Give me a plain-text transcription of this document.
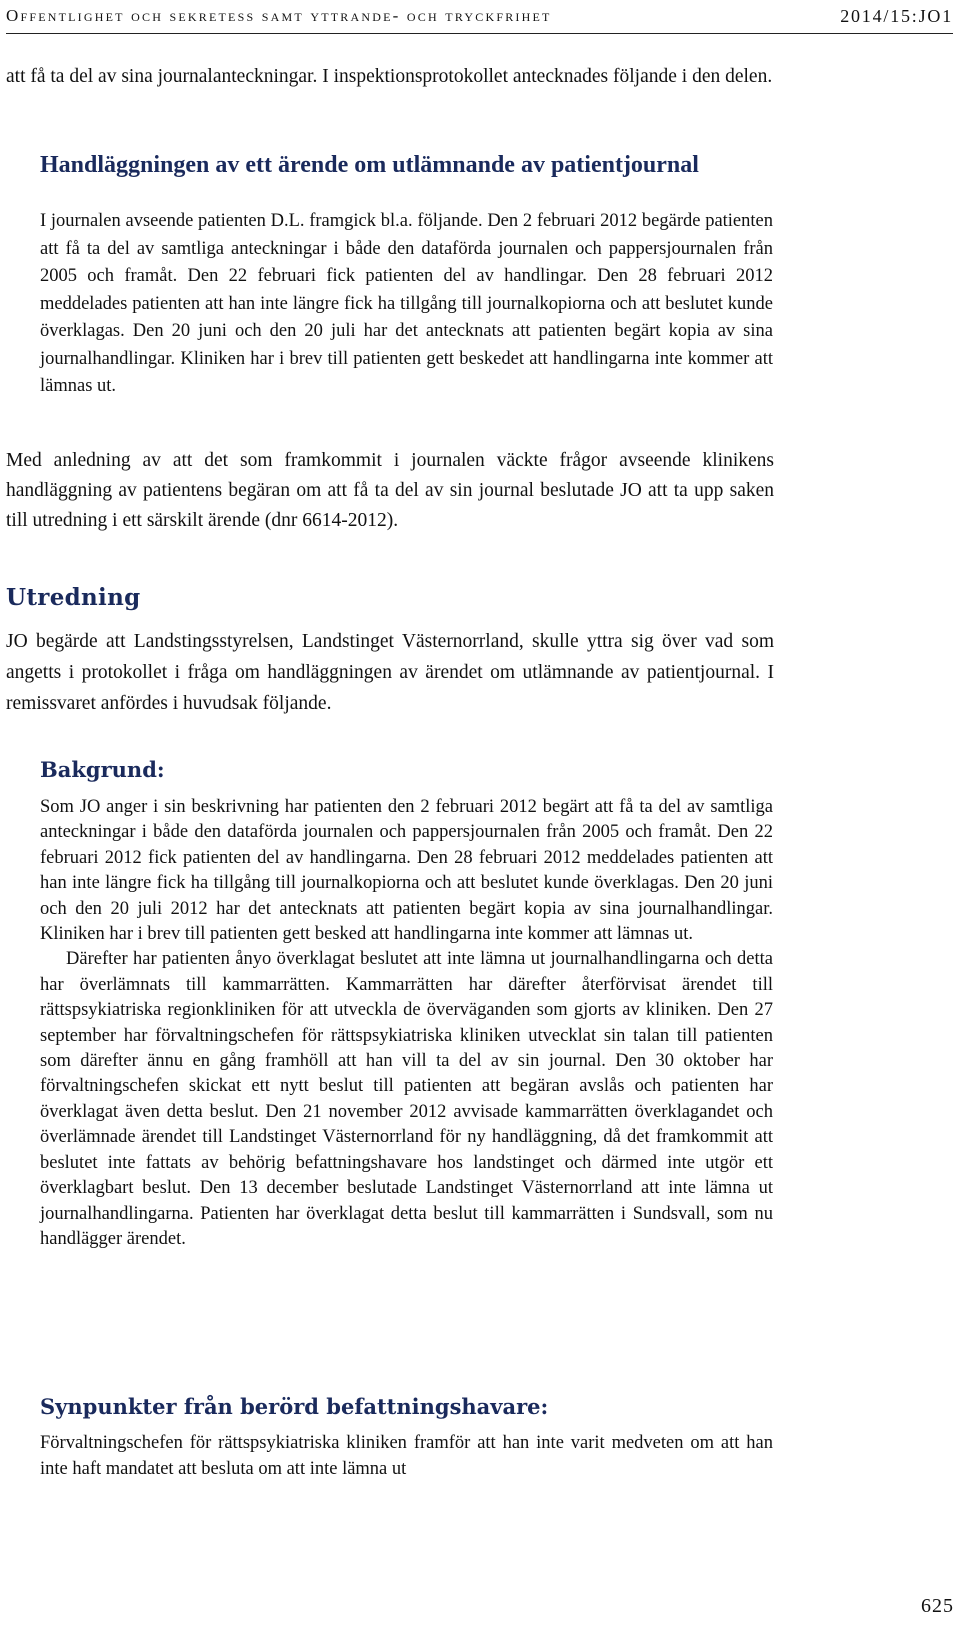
Offentlighet och sekretess samt yttrande- och tryckfrihet	2014/15:JO1

att få ta del av sina journalanteckningar. I inspektionsprotokollet antecknades följande i den delen.

Handläggningen av ett ärende om utlämnande av patientjournal

I journalen avseende patienten D.L. framgick bl.a. följande. Den 2 februari 2012 begärde patienten att få ta del av samtliga anteckningar i både den dataförda journalen och pappersjournalen från 2005 och framåt. Den 22 februari fick patienten del av handlingar. Den 28 februari 2012 meddelades patienten att han inte längre fick ha tillgång till journalkopiorna och att beslutet kunde överklagas. Den 20 juni och den 20 juli har det antecknats att patienten begärt kopia av sina journalhandlingar. Kliniken har i brev till patienten gett beskedet att handlingarna inte kommer att lämnas ut.

Med anledning av att det som framkommit i journalen väckte frågor avseende klinikens handläggning av patientens begäran om att få ta del av sin journal beslutade JO att ta upp saken till utredning i ett särskilt ärende (dnr 6614-2012).

Utredning

JO begärde att Landstingsstyrelsen, Landstinget Västernorrland, skulle yttra sig över vad som angetts i protokollet i fråga om handläggningen av ärendet om utlämnande av patientjournal. I remissvaret anfördes i huvudsak följande.

Bakgrund:
Som JO anger i sin beskrivning har patienten den 2 februari 2012 begärt att få ta del av samtliga anteckningar i både den dataförda journalen och pappersjournalen från 2005 och framåt. Den 22 februari 2012 fick patienten del av handlingarna. Den 28 februari 2012 meddelades patienten att han inte längre fick ha tillgång till journalkopiorna och att beslutet kunde överklagas. Den 20 juni och den 20 juli 2012 har det antecknats att patienten begärt kopia av sina journalhandlingar. Kliniken har i brev till patienten gett besked att handlingarna inte kommer att lämnas ut.
Därefter har patienten ånyo överklagat beslutet att inte lämna ut journalhandlingarna och detta har överlämnats till kammarrätten. Kammarrätten har därefter återförvisat ärendet till rättspsykiatriska regionkliniken för att utveckla de överväganden som gjorts av kliniken. Den 27 september har förvaltningschefen för rättspsykiatriska kliniken utvecklat sin talan till patienten som därefter ännu en gång framhöll att han vill ta del av sin journal. Den 30 oktober har förvaltningschefen skickat ett nytt beslut till patienten att begäran avslås och patienten har överklagat även detta beslut. Den 21 november 2012 avvisade kammarrätten överklagandet och överlämnade ärendet till Landstinget Västernorrland för ny handläggning, då det framkommit att beslutet inte fattats av behörig befattningshavare hos landstinget och därmed inte utgör ett överklagbart beslut. Den 13 december beslutade Landstinget Västernorrland att inte lämna ut journalhandlingarna. Patienten har överklagat detta beslut till kammarrätten i Sundsvall, som nu handlägger ärendet.
Synpunkter från berörd befattningshavare:

Förvaltningschefen för rättspsykiatriska kliniken framför att han inte varit medveten om att han inte haft mandatet att besluta om att inte lämna ut

625
